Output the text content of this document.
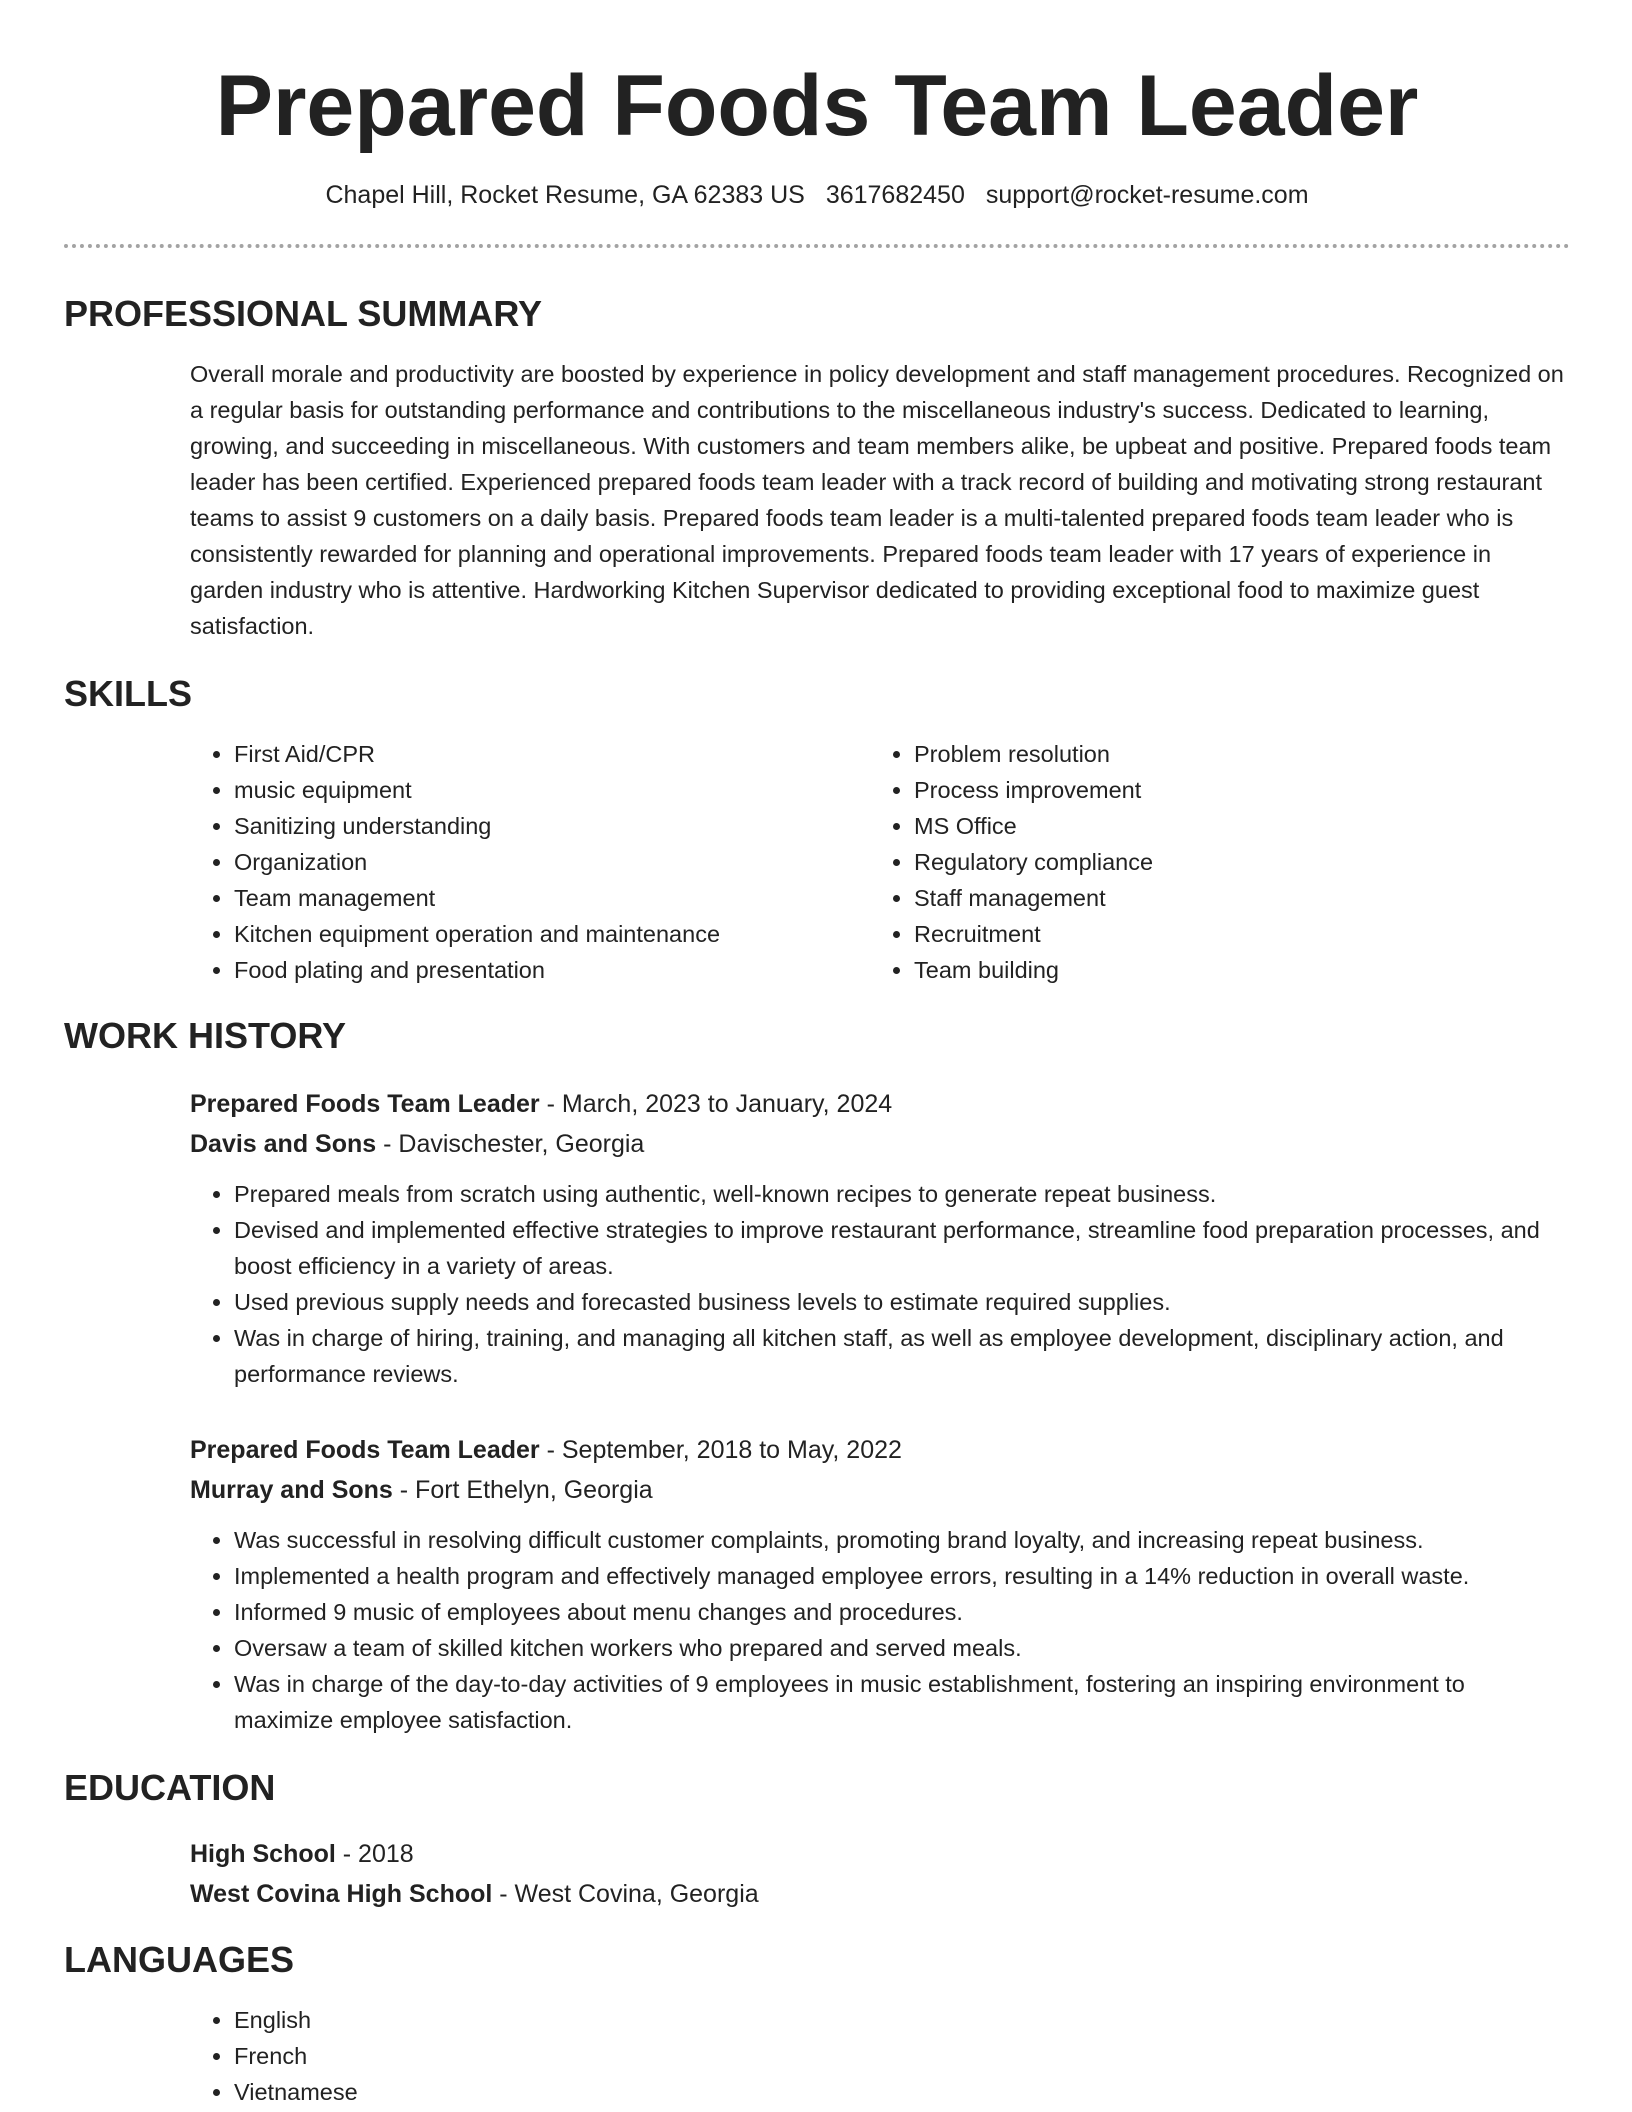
Prepared Foods Team Leader
Chapel Hill, Rocket Resume, GA 62383 US 3617682450 support@rocket-resume.com
PROFESSIONAL SUMMARY

Overall morale and productivity are boosted by experience in policy development and staff management procedures. Recognized on a regular basis for outstanding performance and contributions to the miscellaneous industry's success. Dedicated to learning, growing, and succeeding in miscellaneous. With customers and team members alike, be upbeat and positive. Prepared foods team leader has been certified. Experienced prepared foods team leader with a track record of building and motivating strong restaurant teams to assist 9 customers on a daily basis. Prepared foods team leader is a multi-talented prepared foods team leader who is consistently rewarded for planning and operational improvements. Prepared foods team leader with 17 years of experience in garden industry who is attentive. Hardworking Kitchen Supervisor dedicated to providing exceptional food to maximize guest satisfaction.

SKILLS
• First Aid/CPR
• music equipment
• Sanitizing understanding
• Organization
• Team management
• Kitchen equipment operation and maintenance
• Food plating and presentation
• Problem resolution
• Process improvement
• MS Office
• Regulatory compliance
• Staff management
• Recruitment
• Team building
WORK HISTORY
Prepared Foods Team Leader - March, 2023 to January, 2024
Davis and Sons - Davischester, Georgia
• Prepared meals from scratch using authentic, well-known recipes to generate repeat business.
• Devised and implemented effective strategies to improve restaurant performance, streamline food preparation processes, and boost efficiency in a variety of areas.
• Used previous supply needs and forecasted business levels to estimate required supplies.
• Was in charge of hiring, training, and managing all kitchen staff, as well as employee development, disciplinary action, and performance reviews.
Prepared Foods Team Leader - September, 2018 to May, 2022
Murray and Sons - Fort Ethelyn, Georgia
• Was successful in resolving difficult customer complaints, promoting brand loyalty, and increasing repeat business.
• Implemented a health program and effectively managed employee errors, resulting in a 14% reduction in overall waste.
• Informed 9 music of employees about menu changes and procedures.
• Oversaw a team of skilled kitchen workers who prepared and served meals.
• Was in charge of the day-to-day activities of 9 employees in music establishment, fostering an inspiring environment to maximize employee satisfaction.
EDUCATION
High School - 2018
West Covina High School - West Covina, Georgia
LANGUAGES
• English
• French
• Vietnamese
